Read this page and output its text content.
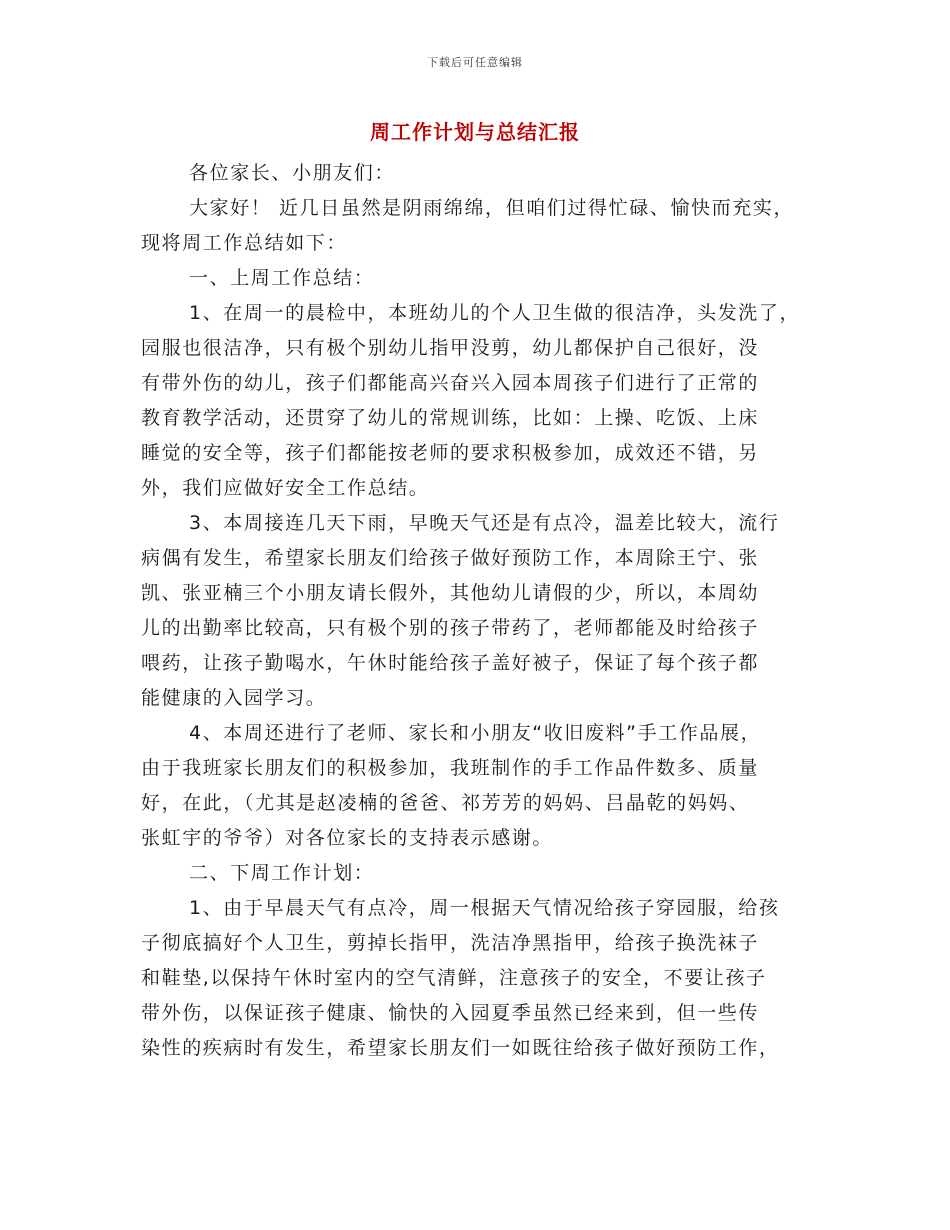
下载后可任意编辑
周工作计划与总结汇报
各位家长、小朋友们：
大家好！ 近几日虽然是阴雨绵绵，但咱们过得忙碌、愉快而充实，
现将周工作总结如下：
一、上周工作总结：
1、在周一的晨检中，本班幼儿的个人卫生做的很洁净，头发洗了，
园服也很洁净，只有极个别幼儿指甲没剪，幼儿都保护自己很好，没
有带外伤的幼儿，孩子们都能高兴奋兴入园本周孩子们进行了正常的
教育教学活动，还贯穿了幼儿的常规训练，比如：上操、吃饭、上床
睡觉的安全等，孩子们都能按老师的要求积极参加，成效还不错，另
外，我们应做好安全工作总结。
3、本周接连几天下雨，早晚天气还是有点冷，温差比较大，流行
病偶有发生，希望家长朋友们给孩子做好预防工作，本周除王宁、张
凯、张亚楠三个小朋友请长假外，其他幼儿请假的少，所以，本周幼
儿的出勤率比较高，只有极个别的孩子带药了，老师都能及时给孩子
喂药，让孩子勤喝水，午休时能给孩子盖好被子，保证了每个孩子都
能健康的入园学习。
4、本周还进行了老师、家长和小朋友“收旧废料”手工作品展，
由于我班家长朋友们的积极参加，我班制作的手工作品件数多、质量
好，在此，（尤其是赵凌楠的爸爸、祁芳芳的妈妈、吕晶乾的妈妈、
张虹宇的爷爷）对各位家长的支持表示感谢。
二、下周工作计划：
1、由于早晨天气有点冷，周一根据天气情况给孩子穿园服，给孩
子彻底搞好个人卫生，剪掉长指甲，洗洁净黑指甲，给孩子换洗袜子
和鞋垫,以保持午休时室内的空气清鲜，注意孩子的安全，不要让孩子
带外伤，以保证孩子健康、愉快的入园夏季虽然已经来到，但一些传
染性的疾病时有发生，希望家长朋友们一如既往给孩子做好预防工作，
